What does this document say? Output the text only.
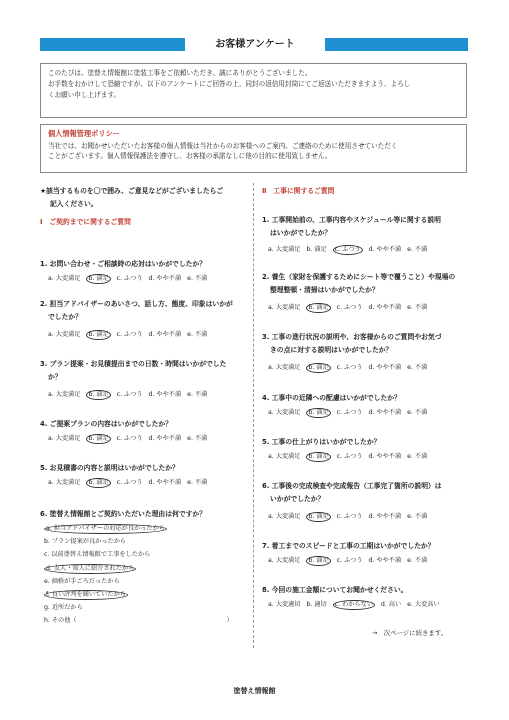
お客様アンケート

このたびは、塗替え情報館に塗装工事をご依頼いただき、誠にありがとうございました。

お手数をおかけして恐縮ですが、以下のアンケートにご回答の上、同封の返信用封筒にてご返送いただきますよう、よろし

くお願い申し上げます。

個人情報管理ポリシー

当社では、お聞かせいただいたお客様の個人情報は当社からのお客様へのご案内、ご連絡のために使用させていただく

ことがございます。個人情報保護法を遵守し、お客様の承諾なしに他の目的に使用致しません。

★該当するものを〇で囲み、ご意見などがございましたらご

記入ください。

Ⅰ　ご契約までに関するご質問

1. お問い合わせ・ご相談時の応対はいかがでしたか？
a. 大変満足 b. 満足 c. ふつう d. やや不満 e. 不満
2. 担当アドバイザーのあいさつ、話し方、態度、印象はいかが
でしたか？
a. 大変満足 b. 満足 c. ふつう d. やや不満 e. 不満
3. プラン提案・お見積提出までの日数・時間はいかがでした
か？
a. 大変満足 b. 満足 c. ふつう d. やや不満 e. 不満
4. ご提案プランの内容はいかがでしたか？
a. 大変満足 b. 満足 c. ふつう d. やや不満 e. 不満
5. お見積書の内容と説明はいかがでしたか？
a. 大変満足 b. 満足 c. ふつう d. やや不満 e. 不満
6. 塗替え情報館とご契約いただいた理由は何ですか？
a. 担当アドバイザーの対応が良かったから
b. プラン提案が良かったから
c. 以前塗替え情報館で工事をしたから
d. 友人・知人に紹介されたから
e. 価格が手ごろだったから
f. 良い評判を聞いていたから
g. 近所だから
h. その他（	）

Ⅱ　工事に関するご質問

1. 工事開始前の、工事内容やスケジュール等に関する説明
はいかがでしたか？
a. 大変満足 b. 満足 c. ふつう d. やや不満 e. 不満
2. 養生（家財を保護するためにシート等で覆うこと）や現場の
整理整頓・清掃はいかがでしたか？
a. 大変満足 b. 満足 c. ふつう d. やや不満 e. 不満
3. 工事の進行状況の説明や、お客様からのご質問やお気づ
きの点に対する説明はいかがでしたか？
a. 大変満足 b. 満足 c. ふつう d. やや不満 e. 不満
4. 工事中の近隣への配慮はいかがでしたか？
a. 大変満足 b. 満足 c. ふつう d. やや不満 e. 不満
5. 工事の仕上がりはいかがでしたか？
a. 大変満足 b. 満足 c. ふつう d. やや不満 e. 不満
6. 工事後の完成検査や完成報告（工事完了箇所の説明）は
いかがでしたか？
a. 大変満足 b. 満足 c. ふつう d. やや不満 e. 不満
7. 着工までのスピードと工事の工期はいかがでしたか？
a. 大変満足 b. 満足 c. ふつう d. やや不満 e. 不満
8. 今回の施工金額についてお聞かせください。
a. 大変適切 b. 適切 c. わからない d. 高い e. 大変高い
→　次ページに続きます。
塗替え情報館
